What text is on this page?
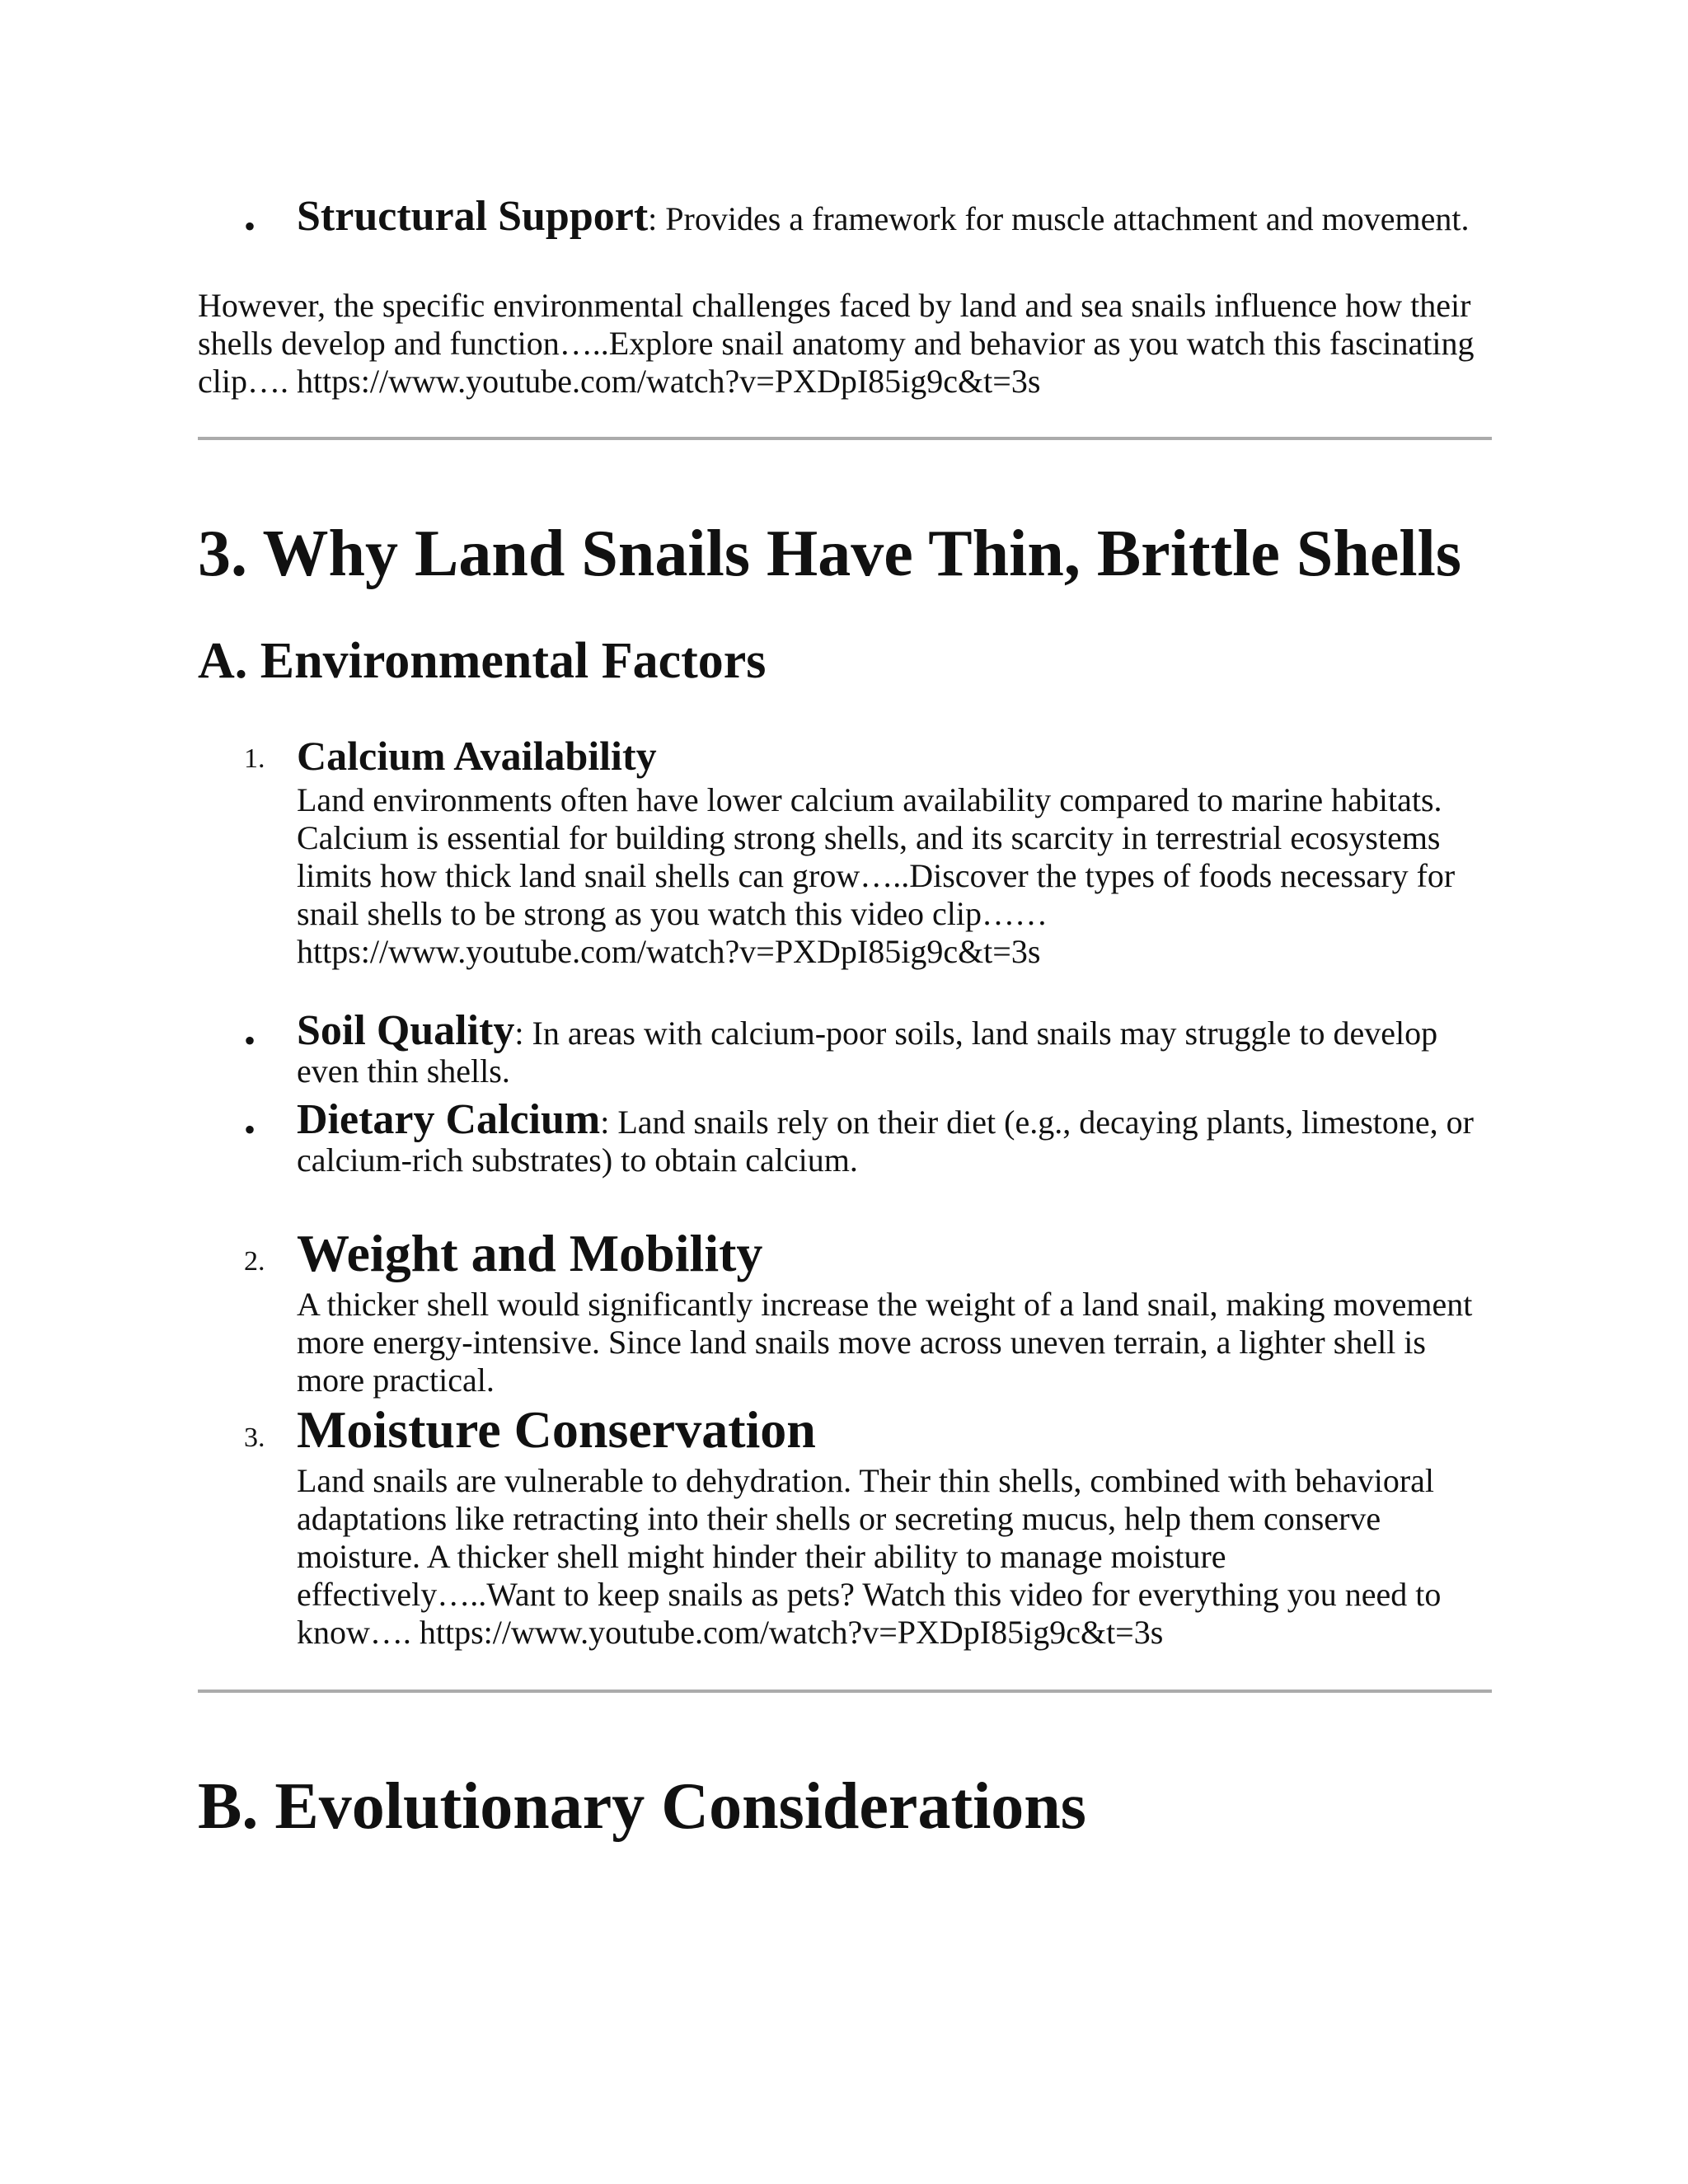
• Structural Support: Provides a framework for muscle attachment and movement.

However, the specific environmental challenges faced by land and sea snails influence how their shells develop and function…..Explore snail anatomy and behavior as you watch this fascinating clip…. https://www.youtube.com/watch?v=PXDpI85ig9c&t=3s

3. Why Land Snails Have Thin, Brittle Shells
A. Environmental Factors
1. Calcium Availability

Land environments often have lower calcium availability compared to marine habitats. Calcium is essential for building strong shells, and its scarcity in terrestrial ecosystems limits how thick land snail shells can grow…..Discover the types of foods necessary for snail shells to be strong as you watch this video clip…… https://www.youtube.com/watch?v=PXDpI85ig9c&t=3s

• Soil Quality: In areas with calcium-poor soils, land snails may struggle to develop even thin shells.

• Dietary Calcium: Land snails rely on their diet (e.g., decaying plants, limestone, or calcium-rich substrates) to obtain calcium.

2. Weight and Mobility

A thicker shell would significantly increase the weight of a land snail, making movement more energy-intensive. Since land snails move across uneven terrain, a lighter shell is more practical.

3. Moisture Conservation

Land snails are vulnerable to dehydration. Their thin shells, combined with behavioral adaptations like retracting into their shells or secreting mucus, help them conserve moisture. A thicker shell might hinder their ability to manage moisture effectively…..Want to keep snails as pets? Watch this video for everything you need to know…. https://www.youtube.com/watch?v=PXDpI85ig9c&t=3s

B. Evolutionary Considerations
